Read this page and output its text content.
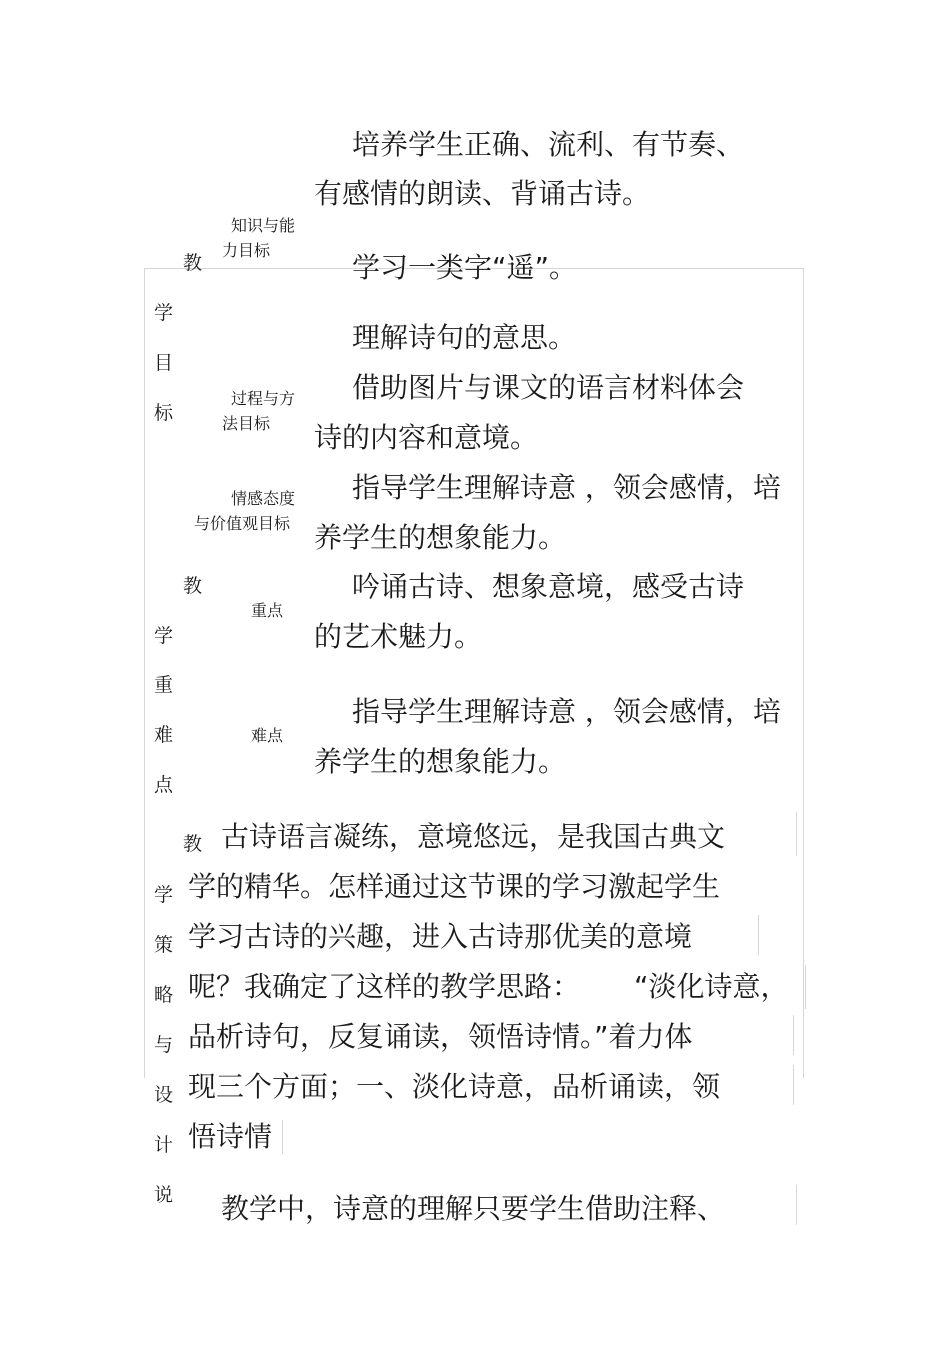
教
学
目
标
知识与能
力目标
培养学生正确、流利、有节奏、
有感情的朗读、背诵古诗。
学习一类字“遥”。
理解诗句的意思。
过程与方
法目标
借助图片与课文的语言材料体会
诗的内容和意境。
情感态度
与价值观目标
指导学生理解诗意 ，领会感情，培
养学生的想象能力。
教
学
重
难
点
重点
吟诵古诗、想象意境，感受古诗
的艺术魅力。
难点
指导学生理解诗意 ，领会感情，培
养学生的想象能力。
教
学
策
略
与
设
计
说
古诗语言凝练，意境悠远，是我国古典文
学的精华。怎样通过这节课的学习激起学生
学习古诗的兴趣，进入古诗那优美的意境
呢？我确定了这样的教学思路： “淡化诗意，
品析诗句，反复诵读，领悟诗情。”着力体
现三个方面；一、淡化诗意，品析诵读，领
悟诗情
教学中，诗意的理解只要学生借助注释、
